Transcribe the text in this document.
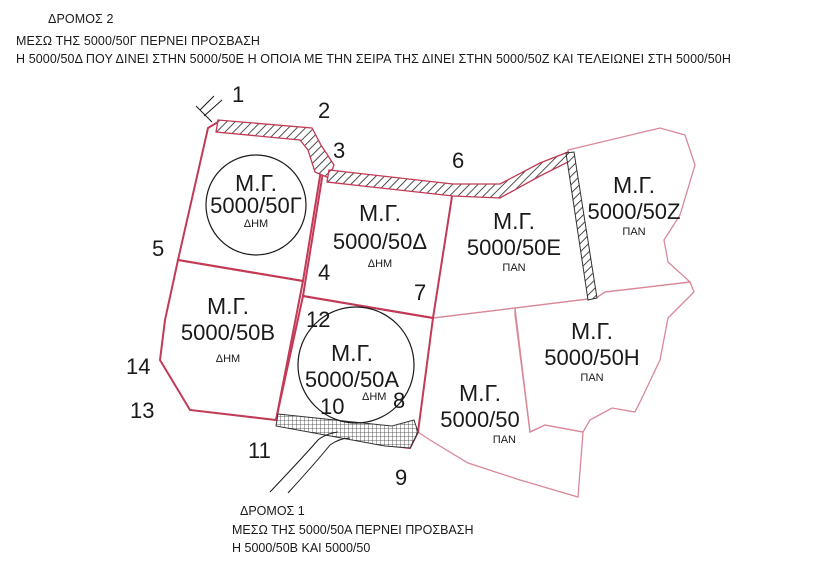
ΔΡΟΜΟΣ 2
ΜΕΣΩ ΤΗΣ 5000/50Γ ΠΕΡΝΕΙ ΠΡΟΣΒΑΣΗ
Η 5000/50Δ ΠΟΥ ΔΙΝΕΙ ΣΤΗΝ 5000/50Ε Η ΟΠΟΙΑ ΜΕ ΤΗΝ ΣΕΙΡΑ ΤΗΣ ΔΙΝΕΙ ΣΤΗΝ 5000/50Ζ ΚΑΙ ΤΕΛΕΙΩΝΕΙ ΣΤΗ 5000/50Η
Μ.Γ.
5000/50Γ
ΔΗΜ	Μ.Γ.
5000/50Δ
ΔΗΜ
Μ.Γ.
5000/50Ε
ΠΑΝ
Μ.Γ.
5000/50Ζ
ΠΑΝ
Μ.Γ.
5000/50Β
ΔΗΜ	Μ.Γ.
5000/50Α
ΔΗΜ	Μ.Γ.
5000/50
ΠΑΝ
Μ.Γ.
5000/50Η
ΠΑΝ
1
2
3
4
5
6
7
8
9
10
11
12
13
14
ΔΡΟΜΟΣ 1
ΜΕΣΩ ΤΗΣ 5000/50Α ΠΕΡΝΕΙ ΠΡΟΣΒΑΣΗ
Η 5000/50Β ΚΑΙ 5000/50
